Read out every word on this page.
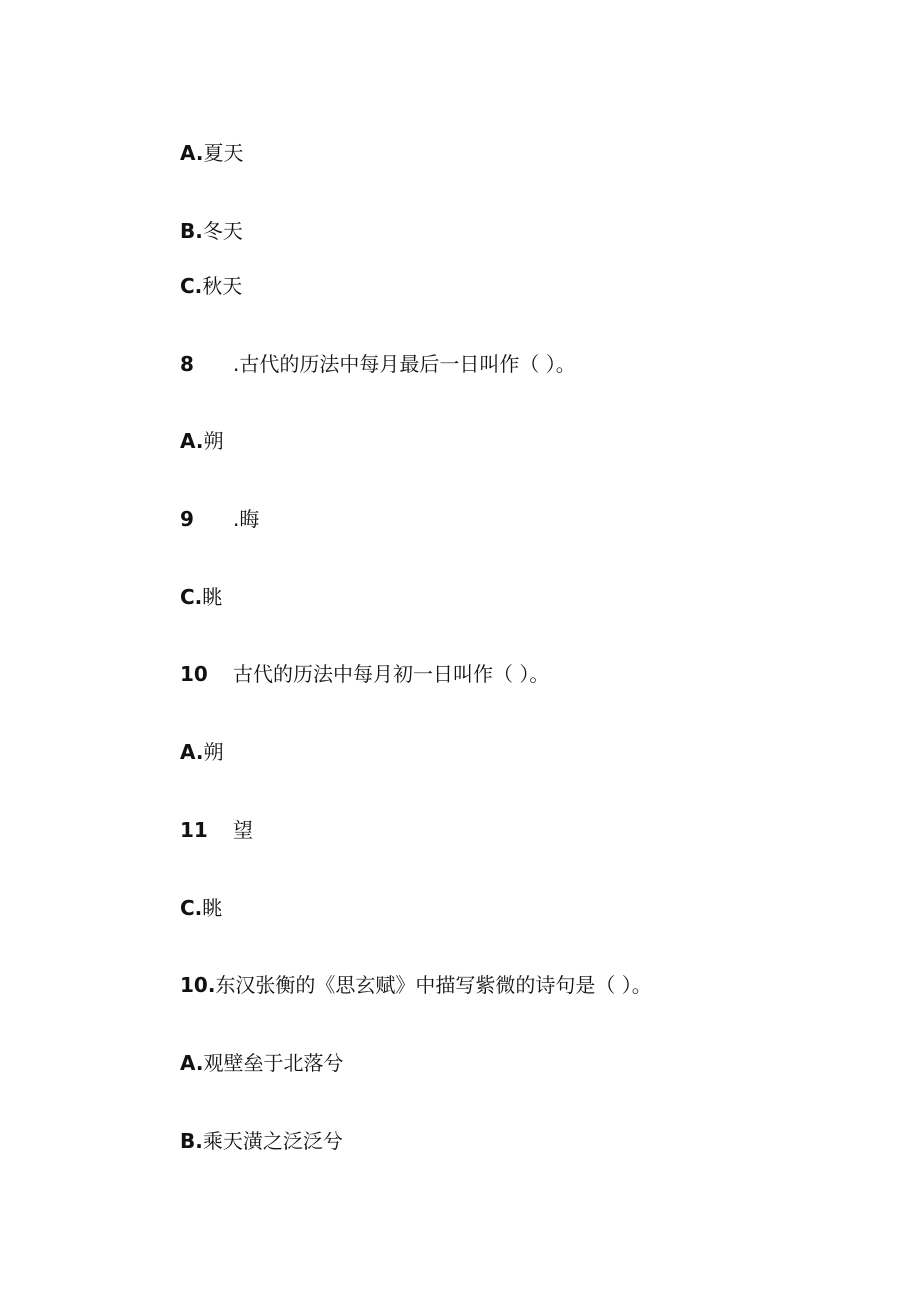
A.夏天
B.冬天
C.秋天
8 .古代的历法中每月最后一日叫作（ ）。
A.朔
9 .晦
C.眺
10 古代的历法中每月初一日叫作（ ）。
A.朔
11 望
C.眺
10.东汉张衡的《思玄赋》中描写紫微的诗句是（ ）。
A.观壁垒于北落兮
B.乘天潢之泛泛兮
